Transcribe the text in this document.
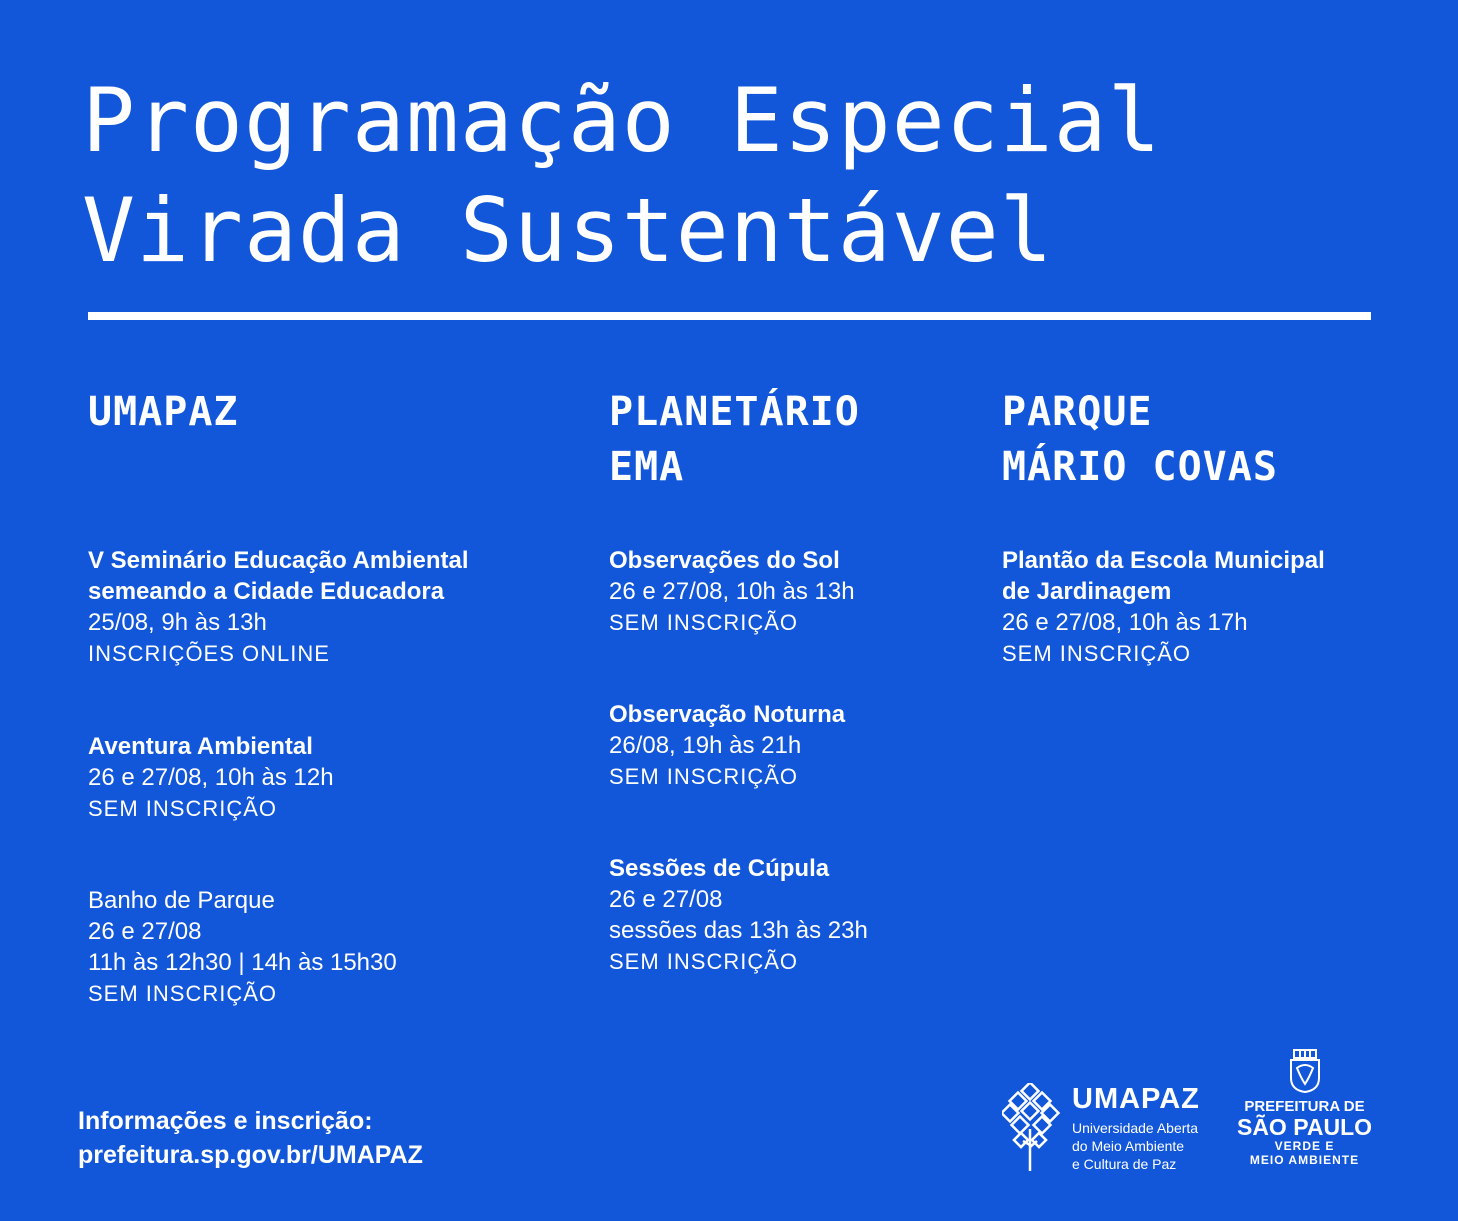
Programação Especial
Virada Sustentável
UMAPAZ
V Seminário Educação Ambiental
semeando a Cidade Educadora
25/08, 9h às 13h
INSCRIÇÕES ONLINE
Aventura Ambiental
26 e 27/08, 10h às 12h
SEM INSCRIÇÃO
Banho de Parque
26 e 27/08
11h às 12h30 | 14h às 15h30
SEM INSCRIÇÃO
PLANETÁRIO
EMA
Observações do Sol
26 e 27/08, 10h às 13h
SEM INSCRIÇÃO
Observação Noturna
26/08, 19h às 21h
SEM INSCRIÇÃO
Sessões de Cúpula
26 e 27/08
sessões das 13h às 23h
SEM INSCRIÇÃO
PARQUE
MÁRIO COVAS
Plantão da Escola Municipal
de Jardinagem
26 e 27/08, 10h às 17h
SEM INSCRIÇÃO
Informações e inscrição:
prefeitura.sp.gov.br/UMAPAZ
UMAPAZ
Universidade Aberta
do Meio Ambiente
e Cultura de Paz
PREFEITURA DE
SÃO PAULO
VERDE E
MEIO AMBIENTE
